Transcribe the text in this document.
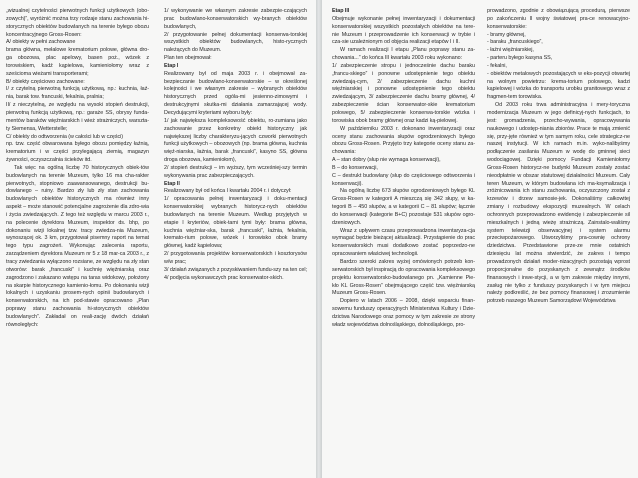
„wizualnej czytelności pierwotnych funkcji użytkowych (obo-zowych)”, wyróżnić można trzy rodzaje stanu zachowania hi-storycznych obiektów budowlanych na terenie byłego obozu koncentracyjnego Gross-Rosen:

A/ obiekty w pełni zachowane

brama główna, mełalowe krematorium polowe, główna dro-ga obozowa, plac apelowy, basen poż., wózek z torowiskiem, kadź kąpielowa, kamieniołomy wraz z sześcioma wieżami transporterami;

B/ obiekty częściowo zachowane:

I/ z czytelną pierwotną funkcją użytkową, np.: kuchnia, łaź-nia, barak tow. francuski, fekalnia, pralnia;

II/ z nieczytelną, ze względu na wysoki stopień destrukcji, pierwotną funkcją użytkową, np.: garaże SS, obrysy funda-mentów baraków więźniarskich i wież strażniczych, warszta-ty Siemensa, Wetterstelle;

C/ obiekty do odtworzenia (w całości lub w części)

np. tzw. część obwarowana byłego obozu pomiędzy łaźnią, krematorium i w części przylegającą ziemią, magazyn żywności, oczyszczalnia ścieków itd.

Tak więc na ogólną liczbę 70 historycznych obiek-tów budowlanych na terenie Muzeum, tylko 16 ma cha-rakter pierwotnych, stopniowo zaawansowanego, destrukcji bu-dowlanego – ruiny. Bardzo zły lub zły stan zachowania budowlanych obiektów historycznych ma również inny aspekt – może stanowić potencjalne zagrożenie dla zdro-wia i życia zwiedzających. Z tego też względu w marcu 2003 r., na polecenie dyrektora Muzeum, inspektor ds. bhp, po dokonaniu wizji lokalnej tzw. tracy zwiedza-nia Muzeum, wynoszącej ok. 3 km, przygotował pisemny raport na temat tego typu zagrożeń. Wykonując zalecenia raportu, zarządzeniem dyrektora Muzeum nr 5 z 18 mar-ca 2003 r., z tracy zwiedzania wyłączono rozsiane, ze względu na zły stan otworów: barak „francuski” i kuchnię więźniarską oraz zagrodzono i zakazano wstępu na taras widokowy, położony na skarpie historycznego kamienio-łomu. Po dokonaniu wizji lokalnych i uzyskaniu prosem-nych opinii budowlanych i konserwatorskich, na ich pod-stawie opracowano „Plan poprawy stanu zachowania hi-storycznych obiektów budowlanych”. Zakładał on reali-zację dwóch działań równoległych:

1/ wykonywanie we własnym zakresie zabezpie-czających prac budowlano-konserwatorskich wy-branych obiektów budowlanych,

2/ przygotowanie pełnej dokumentacji konserwa-torskiej wszystkich obiektów budowlanych, histo-rycznych należących do Muzeum.

Plan ten obejmował:

Etap I

Realizowany był od maja 2003 r. i obejmował za-bezpieczanie budowlano-konserwatorskie – w określonej kolejności i we własnym zakresie – wybranych obiektów historycznych przed ogóla-mi jesienno-zimowymi i destrukcyjnymi skutka-mi działania zamarzającej wody. Decydującymi kryteriami wyboru były:

1/ jak największa kompleksowość obiektu, ro-zumiana jako zachowanie przez konkretny obiekt historyczny jak największej liczby charakteryzu-jących czworki pierwotnych funkcji użytkowych – obozowych (np. brama główna, kuchnia więź-niarska, łaźnia, barak „francuski”, kasyno SS, główna droga obozowa, kamieniołom),

2/ stopień destrukcji – im wyższy, tym wcześniej-szy termin wykonywania prac zabezpieczających.

Etap II

Realizowany był od końca I kwartału 2004 r. i dotyczył:

1/ opracowania pełnej inwentaryzacji i doku-mentacji konserwatorskiej wybranych historycz-nych obiektów budowlanych na terenie Muzeum. Według przyjętych w etapie I kryteriów, obiek-tami tymi były: brama główna, kuchnia więźniar-ska, barak „francuski”, łaźnia, fekalnia, kremato-rium polowe, wózek i torowisko obok bramy głównej, kadź kąpielowa;

2/ przygotowania projektów konserwatorskich i kosztorysów w/w prac;

3/ działań związanych z pozyskiwaniem fundu-szy na ten cel;

4/ podjęcia wykonawczych prac konserwator-skich.

Etap III

Obejmuje wykonanie pełnej inwentaryzacji i dokumentacji konserwatorskiej wszystkich pozostałych obiektów na tere-nie Muzeum i przeprowadzenie ich konserwacji w trybie i cza-sie uzależnionym od objęcia realizacji etapów I i II.

W ramach realizacji I etapu „Planu poprawy stanu za-chowania...” do końca III kwartału 2003 roku wykonano:

1/ zabezpieczenie stropu i jednocześnie dachu baraku „francu-skiego” i ponowne udostępnienie tego obiektu zwiedzają-cym, 2/ zabezpieczenie dachu kuchni więźniarskiej i ponowne udostępnienie tego obiektu zwiedzającym, 3/ zabezpieczenie dachu bramy głównej, 4/ zabezpieczenie ścian konserwator-skie krematorium polowego, 5/ zabezpieczenie konserwa-torskie wózka i torowiska obok bramy głównej oraz kadzi ką-pielowej.

W październiku 2003 r. dokonano inwentaryzacji oraz oceny stanu zachowania słupów ogrodzeniowych byłego obozu Gross-Rosen. Przyjęto trzy kategorie oceny stanu za-chowania:

A – stan dobry (słup nie wymaga konserwacji),

B – do konserwacji,

C – destrukt budowlany (słup do częściowego odtworzenia i konserwacji).

Na ogólną liczbę 673 słupów ogrodzeniowych byłego KL Gross-Rosen w kategorii A mieszczą się 342 słupy, w ka-tegorii B – 450 słupów, a w kategorii C – 81 słupów; łącznie do konserwacji (kategorie B+C) pozostaje 531 słupów ogro-dzeniowych.

Wraz z upływem czasu przeprowadzona inwentaryza-cja wymagać będzie bieżącej aktualizacji. Przystąpienie do prac konserwatorskich musi dodatkowo zostać poprzedzo-ne opracowaniem właściwej technologii.

Bardzo szeroki zakres wyżej omówionych potrzeb kon-serwatorskich był inspiracją do opracowania kompleksowego projektu konserwatorsko-budowlanego pn. „Kamienne Pie-kło KL Gross-Rosen” obejmującego część tzw. więźniarską Muzeum Gross-Rosen.

Dopiero w latach 2006 – 2008, dzięki wsparciu finan-sowemu funduszy operacyjnych Ministerstwa Kultury i Dzie-dzictwa Narodowego oraz pomocy w tym zakresie ze strony władz województwa dolnośląskiego, dolnośląskiego, pro-

prowadzono, zgodnie z obowiązującą procedurą, pierwsze po zakończeniu II wojny światowej pra-ce renowacyjno-konserwatorskie:

- bramy głównej,

- baraku „francuskiego”,

- łaźni więźniarskiej,

- parteru byłego kasyna SS,

- fekalni,

- obiektów metalowych pozostających w eks-pozycji otwartej na wolnym powietrzu: krema-torium polowego, kadzi kąpielowej i wózka do transportu urobku granitowego wraz z fragmen-tem torowiska.

Od 2003 roku trwa administracyjna i mery-toryczna modernizacja Muzeum w jego definicyj-nych funkcjach, to jest: gromadzenia, przecho-wywania, opracowywania naukowego i udostęp-niania zbiorów. Prace te mają zmienić się, przy-jęte również w tym samym roku, cele strategicz-ne naszej instytucji. W ich ramach m.in. wyko-nalibyśmy podłączenie zasilania Muzeum w wodę do gminnej sieci wodociągowej. Dzięki pomocy Fundacji Kamieniołomy Gross-Rosen historycz-ne budynki Muzeum zostały zostać nieodpłatnie w obszar statutowej działalności Muzeum. Cały teren Muzeum, w którym budowlana ich ma-ksymalizacja i zróżnicowania ich stanu zachowania, oczyszczony został z krzewów i drzew samosie-jek. Dokonaliśmy całkowitej zmiany i rozbudowy ekspozycji muzealnych. W celach ochronnych przeprowadzono ewidencję i zabezpieczenie sil mieszkalnych i jedną wieżę strażniczą. Zainstalo-waliśmy system telewizji obserwacyjnej i system alarmu przeciwpożarowego. Utworzyliśmy pra-cownię ochrony dziedzictwa. Przedstawione prze-ze mnie ostatnich dziesięciu lat można stwierdzić, że zakres i tempo prowadzonych działań moder-nizacyjnych pozostają wprost proporcjonalne do pozyskanych z zewnątrz środków finansowych i inwe-stycji, a w tym zakresie między innymi, zasług nie tylko z funduszy pozyskanych i w tym miejscu należy podkreślić, że bez pomocy finansowej i zrozumienie potrzeb naszego Muzeum Samorządowi Województwa
